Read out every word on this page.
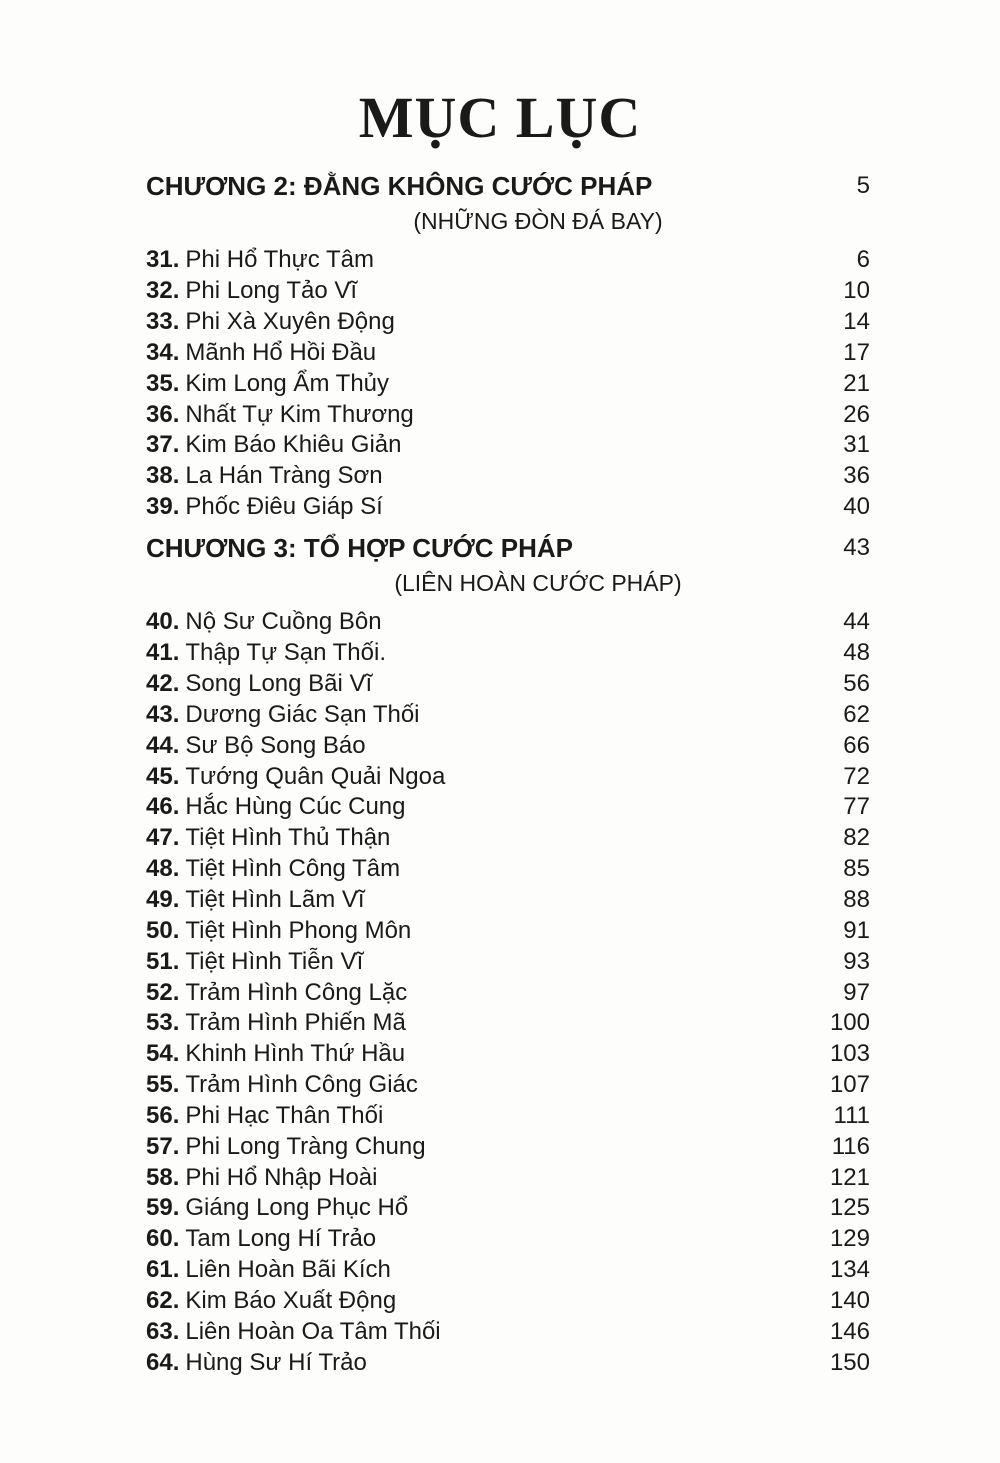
MỤC LỤC
CHƯƠNG 2: ĐẰNG KHÔNG CƯỚC PHÁP	5
(NHỮNG ĐÒN ĐÁ BAY)
31. Phi Hổ Thực Tâm	6
32. Phi Long Tảo Vĩ	10
33. Phi Xà Xuyên Động	14
34. Mãnh Hổ Hồi Đầu	17
35. Kim Long Ẩm Thủy	21
36. Nhất Tự Kim Thương	26
37. Kim Báo Khiêu Giản	31
38. La Hán Tràng Sơn	36
39. Phốc Điêu Giáp Sí	40
CHƯƠNG 3: TỔ HỢP CƯỚC PHÁP	43
(LIÊN HOÀN CƯỚC PHÁP)
40. Nộ Sư Cuồng Bôn	44
41. Thập Tự Sạn Thối.	48
42. Song Long Bãi Vĩ	56
43. Dương Giác Sạn Thối	62
44. Sư Bộ Song Báo	66
45. Tướng Quân Quải Ngoa	72
46. Hắc Hùng Cúc Cung	77
47. Tiệt Hình Thủ Thận	82
48. Tiệt Hình Công Tâm	85
49. Tiệt Hình Lãm Vĩ	88
50. Tiệt Hình Phong Môn	91
51. Tiệt Hình Tiễn Vĩ	93
52. Trảm Hình Công Lặc	97
53. Trảm Hình Phiến Mã	100
54. Khinh Hình Thứ Hầu	103
55. Trảm Hình Công Giác	107
56. Phi Hạc Thân Thối	111
57. Phi Long Tràng Chung	116
58. Phi Hổ Nhập Hoài	121
59. Giáng Long Phục Hổ	125
60. Tam Long Hí Trảo	129
61. Liên Hoàn Bãi Kích	134
62. Kim Báo Xuất Động	140
63. Liên Hoàn Oa Tâm Thối	146
64. Hùng Sư Hí Trảo	150
